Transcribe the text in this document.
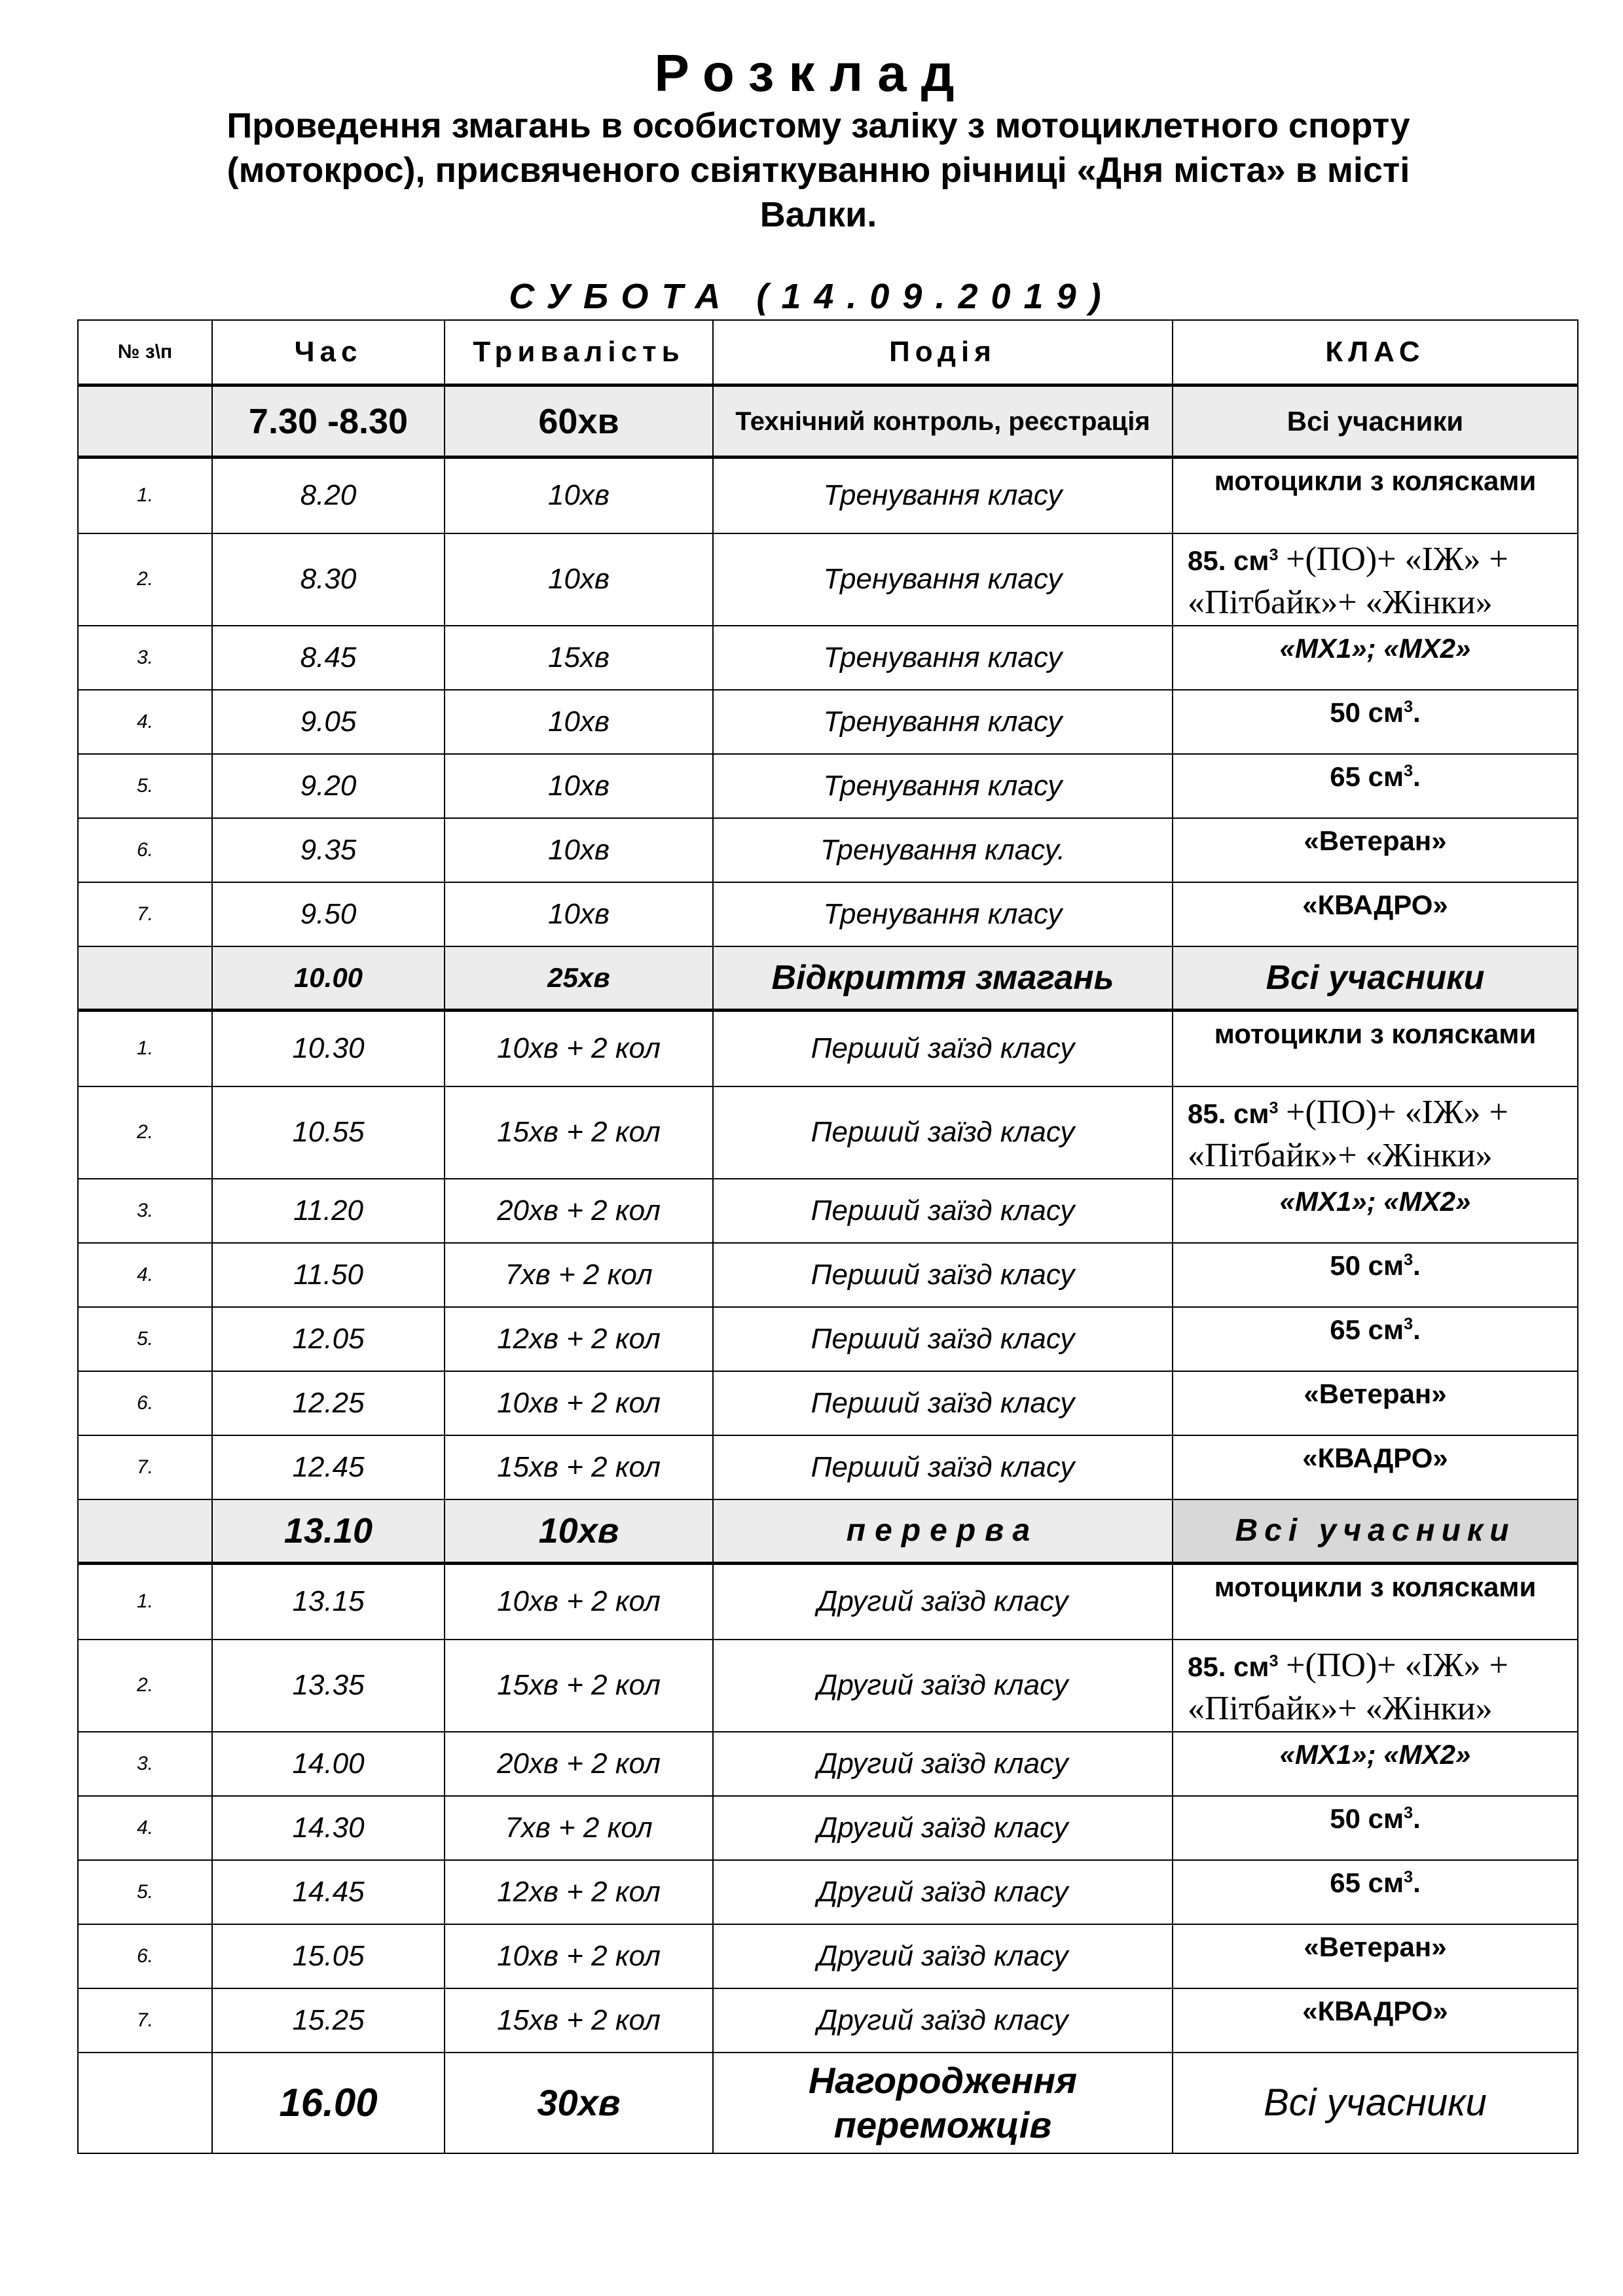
Розклад
Проведення змагань в особистому заліку з мотоциклетного спорту (мотокрос), присвяченого свіяткуванню річниці «Дня міста» в місті Валки.
СУБОТА (14.09.2019)
№ з\п	Час	Тривалість	Подія	КЛАС
	7.30 -8.30	60хв	Технічний контроль, реєстрація	Всі учасники
1.	8.20	10хв	Тренування класу	мотоцикли з колясками
2.	8.30	10хв	Тренування класу	85. $см^3 +(ПО)+$ «ІЖ» +
«Пітбайк»+ «Жінки»
3.	8.45	15хв	Тренування класу	«МХ1»; «МХ2»
4.	9.05	10хв	Тренування класу	50 $см^3$.
5.	9.20	10хв	Тренування класу	65 $см^3$.
6.	9.35	10хв	Тренування класу.	«Ветеран»
7.	9.50	10хв	Тренування класу	«КВАДРО»
	10.00	25хв	Відкриття змагань	Всі учасники
1.	10.30	10хв + 2 кол	Перший заїзд класу	мотоцикли з колясками
2.	10.55	15хв + 2 кол	Перший заїзд класу	85. $см^3 +(ПО)+$ «ІЖ» +
«Пітбайк»+ «Жінки»
3.	11.20	20хв + 2 кол	Перший заїзд класу	«МХ1»; «МХ2»
4.	11.50	7хв + 2 кол	Перший заїзд класу	50 $см^3$.
5.	12.05	12хв + 2 кол	Перший заїзд класу	65 $см^3$.
6.	12.25	10хв + 2 кол	Перший заїзд класу	«Ветеран»
7.	12.45	15хв + 2 кол	Перший заїзд класу	«КВАДРО»
	13.10	10хв	перерва	Всі учасники
1.	13.15	10хв + 2 кол	Другий заїзд класу	мотоцикли з колясками
2.	13.35	15хв + 2 кол	Другий заїзд класу	85. $см^3 +(ПО)+$ «ІЖ» +
«Пітбайк»+ «Жінки»
3.	14.00	20хв + 2 кол	Другий заїзд класу	«МХ1»; «МХ2»
4.	14.30	7хв + 2 кол	Другий заїзд класу	50 $см^3$.
5.	14.45	12хв + 2 кол	Другий заїзд класу	65 $см^3$.
6.	15.05	10хв + 2 кол	Другий заїзд класу	«Ветеран»
7.	15.25	15хв + 2 кол	Другий заїзд класу	«КВАДРО»
	16.00	30хв	Нагородження переможців	Всі учасники
